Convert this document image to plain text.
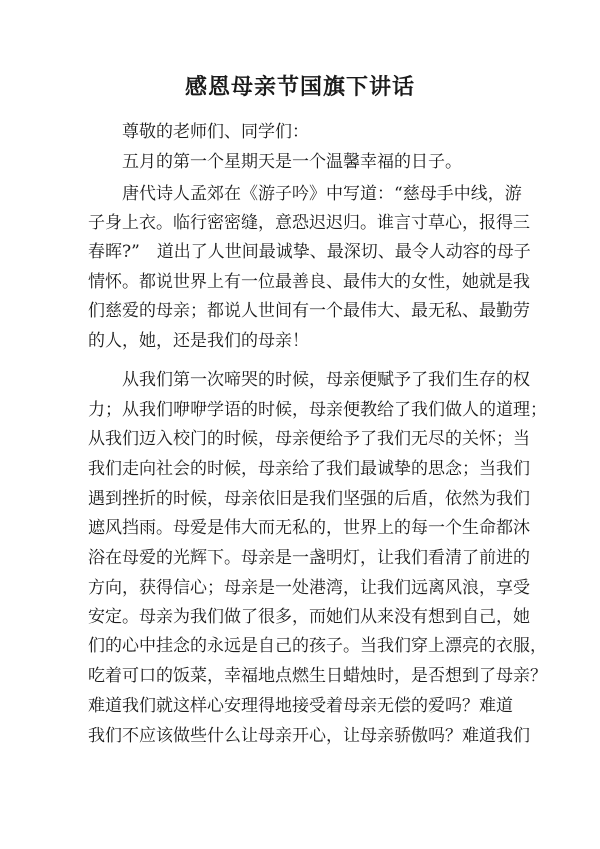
感恩母亲节国旗下讲话
　　尊敬的老师们、同学们：
　　五月的第一个星期天是一个温馨幸福的日子。
　　唐代诗人孟郊在《游子吟》中写道：“慈母手中线，游
子身上衣。临行密密缝，意恐迟迟归。谁言寸草心，报得三
春晖?”　道出了人世间最诚挚、最深切、最令人动容的母子
情怀。都说世界上有一位最善良、最伟大的女性，她就是我
们慈爱的母亲；都说人世间有一个最伟大、最无私、最勤劳
的人，她，还是我们的母亲！
　　从我们第一次啼哭的时候，母亲便赋予了我们生存的权
力；从我们咿咿学语的时候，母亲便教给了我们做人的道理；
从我们迈入校门的时候，母亲便给予了我们无尽的关怀；当
我们走向社会的时候，母亲给了我们最诚挚的思念；当我们
遇到挫折的时候，母亲依旧是我们坚强的后盾，依然为我们
遮风挡雨。母爱是伟大而无私的，世界上的每一个生命都沐
浴在母爱的光辉下。母亲是一盏明灯，让我们看清了前进的
方向，获得信心；母亲是一处港湾，让我们远离风浪，享受
安定。母亲为我们做了很多，而她们从来没有想到自己，她
们的心中挂念的永远是自己的孩子。当我们穿上漂亮的衣服，
吃着可口的饭菜，幸福地点燃生日蜡烛时，是否想到了母亲？
难道我们就这样心安理得地接受着母亲无偿的爱吗？难道
我们不应该做些什么让母亲开心，让母亲骄傲吗？难道我们
